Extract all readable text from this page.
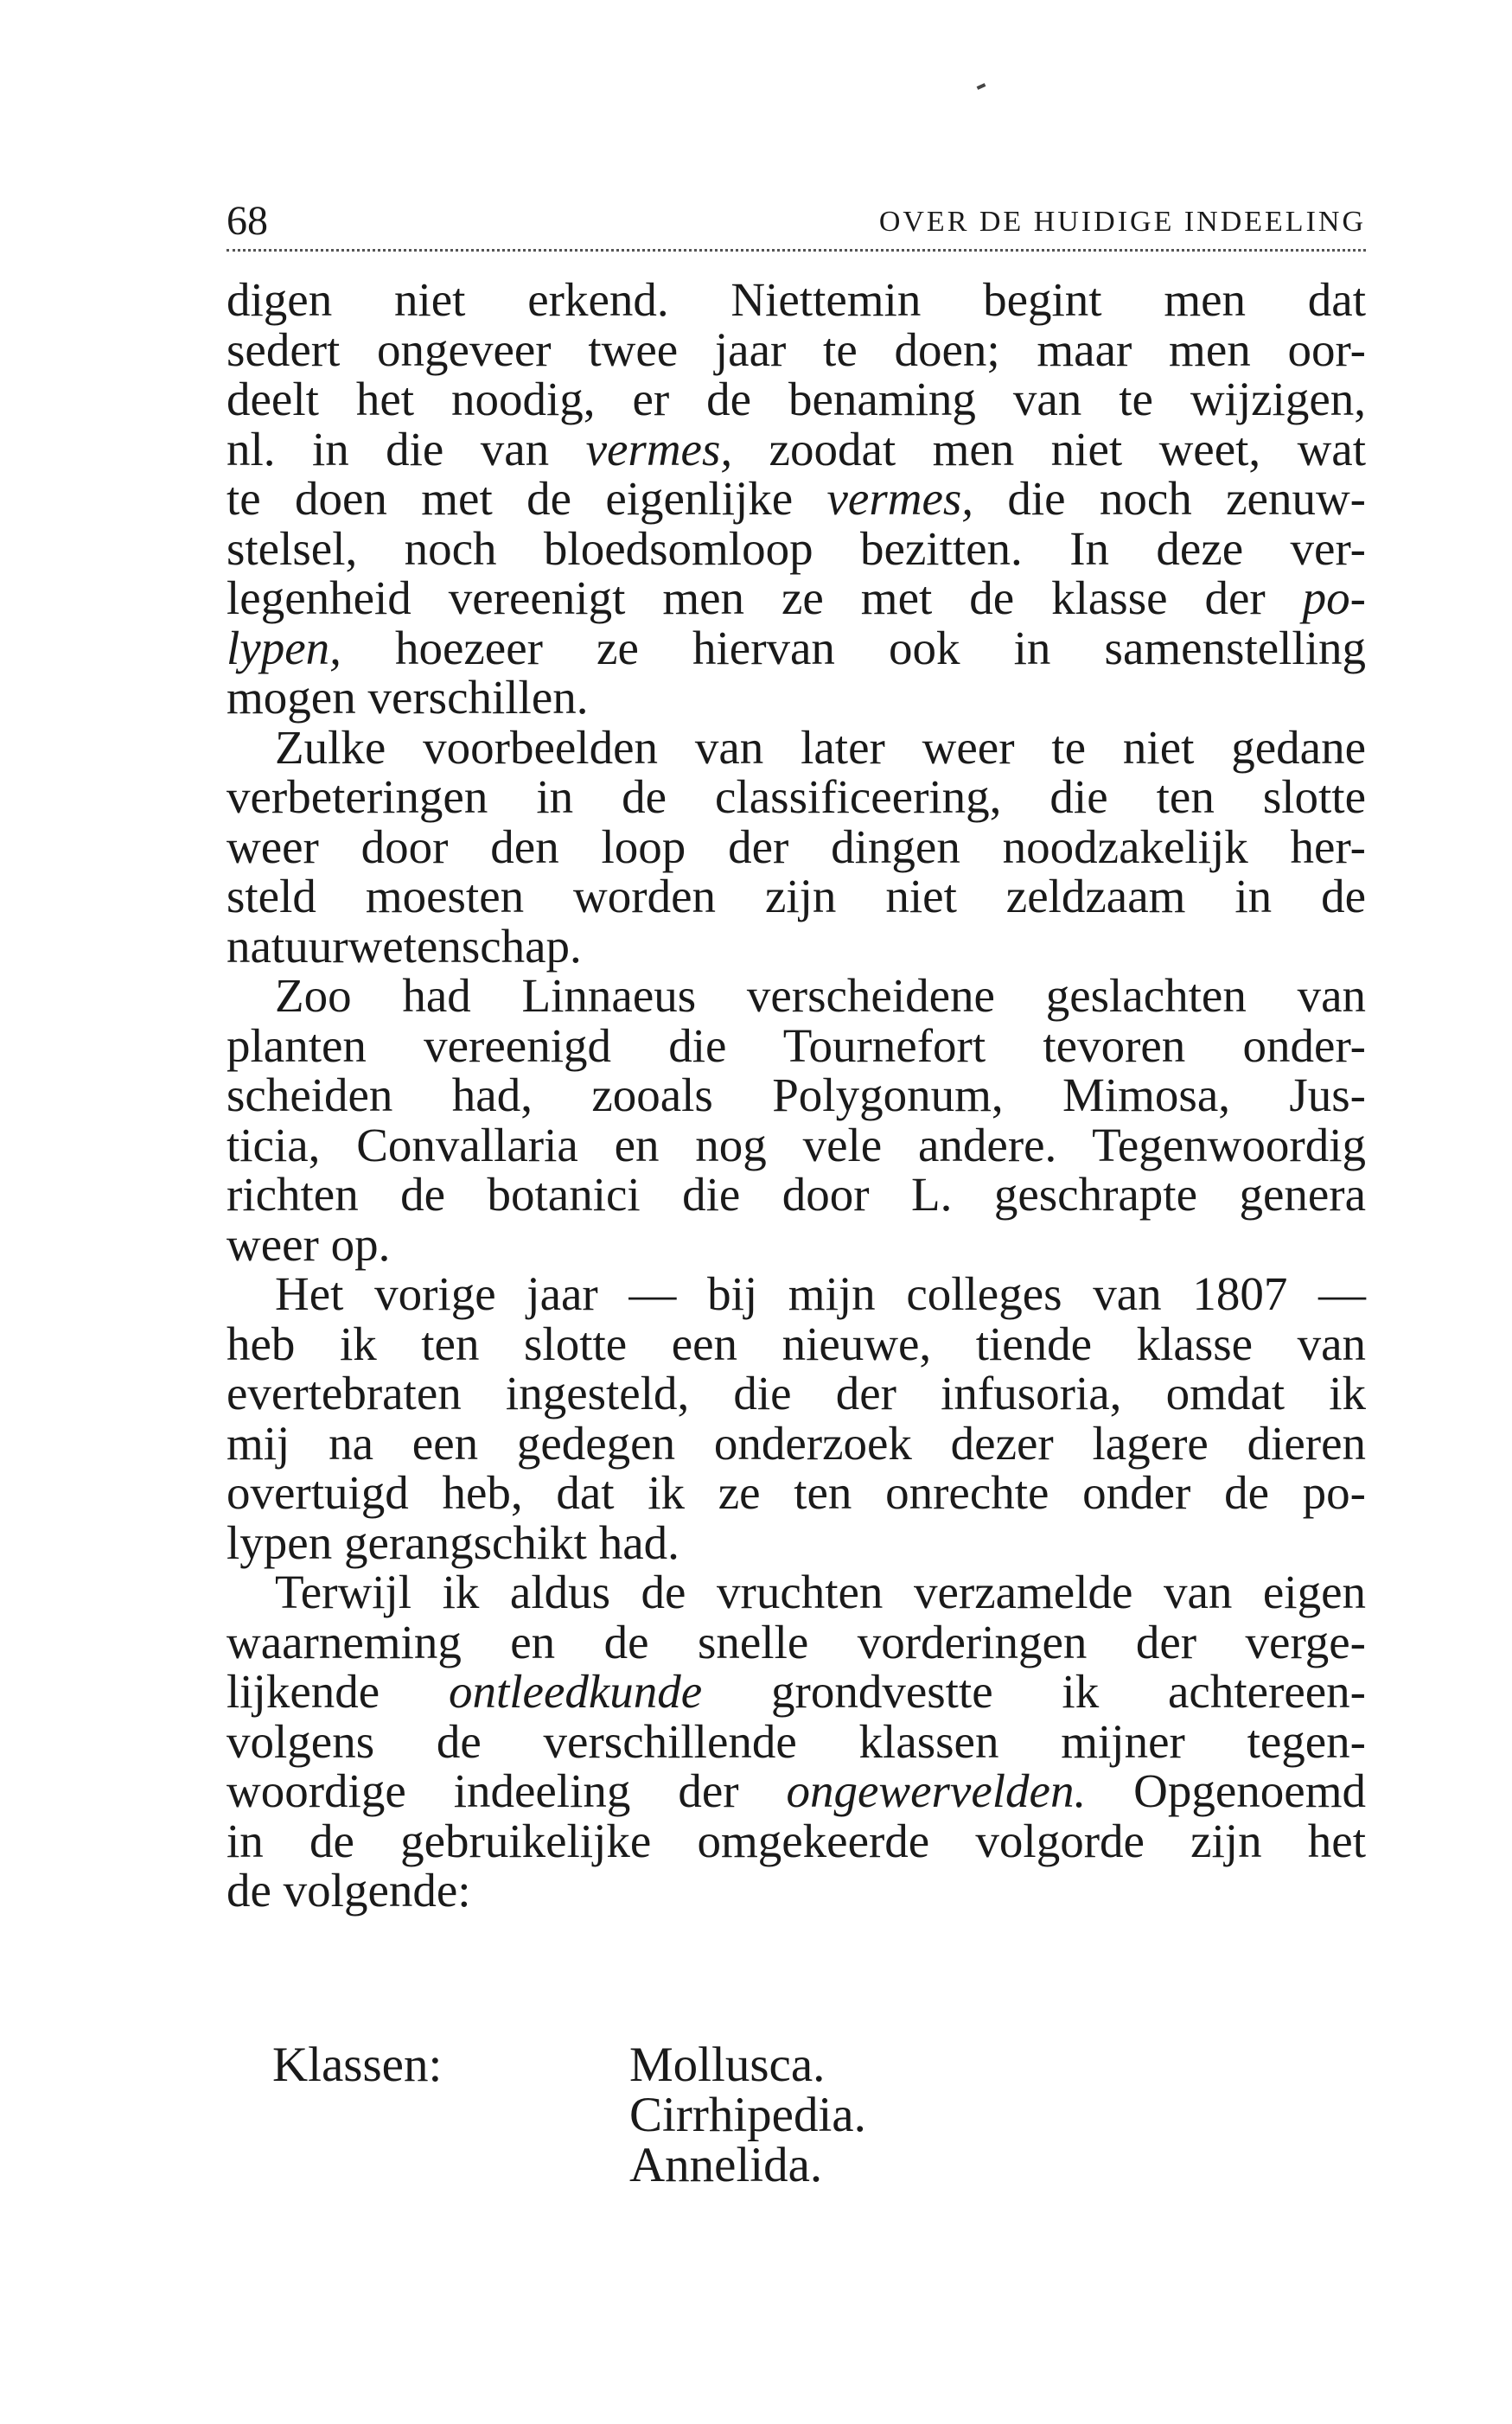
68	OVER DE HUIDIGE INDEELING
digen niet erkend. Niettemin begint men dat
sedert ongeveer twee jaar te doen; maar men oor-
deelt het noodig, er de benaming van te wijzigen,
nl. in die van vermes, zoodat men niet weet, wat
te doen met de eigenlijke vermes, die noch zenuw-
stelsel, noch bloedsomloop bezitten. In deze ver-
legenheid vereenigt men ze met de klasse der po-
lypen, hoezeer ze hiervan ook in samenstelling
mogen verschillen.
Zulke voorbeelden van later weer te niet gedane
verbeteringen in de classificeering, die ten slotte
weer door den loop der dingen noodzakelijk her-
steld moesten worden zijn niet zeldzaam in de
natuurwetenschap.
Zoo had Linnaeus verscheidene geslachten van
planten vereenigd die Tournefort tevoren onder-
scheiden had, zooals Polygonum, Mimosa, Jus-
ticia, Convallaria en nog vele andere. Tegenwoordig
richten de botanici die door L. geschrapte genera
weer op.
Het vorige jaar — bij mijn colleges van 1807 —
heb ik ten slotte een nieuwe, tiende klasse van
evertebraten ingesteld, die der infusoria, omdat ik
mij na een gedegen onderzoek dezer lagere dieren
overtuigd heb, dat ik ze ten onrechte onder de po-
lypen gerangschikt had.
Terwijl ik aldus de vruchten verzamelde van eigen
waarneming en de snelle vorderingen der verge-
lijkende ontleedkunde grondvestte ik achtereen-
volgens de verschillende klassen mijner tegen-
woordige indeeling der ongewervelden. Opgenoemd
in de gebruikelijke omgekeerde volgorde zijn het
de volgende:
Klassen:	Mollusca.
Cirrhipedia.
Annelida.
